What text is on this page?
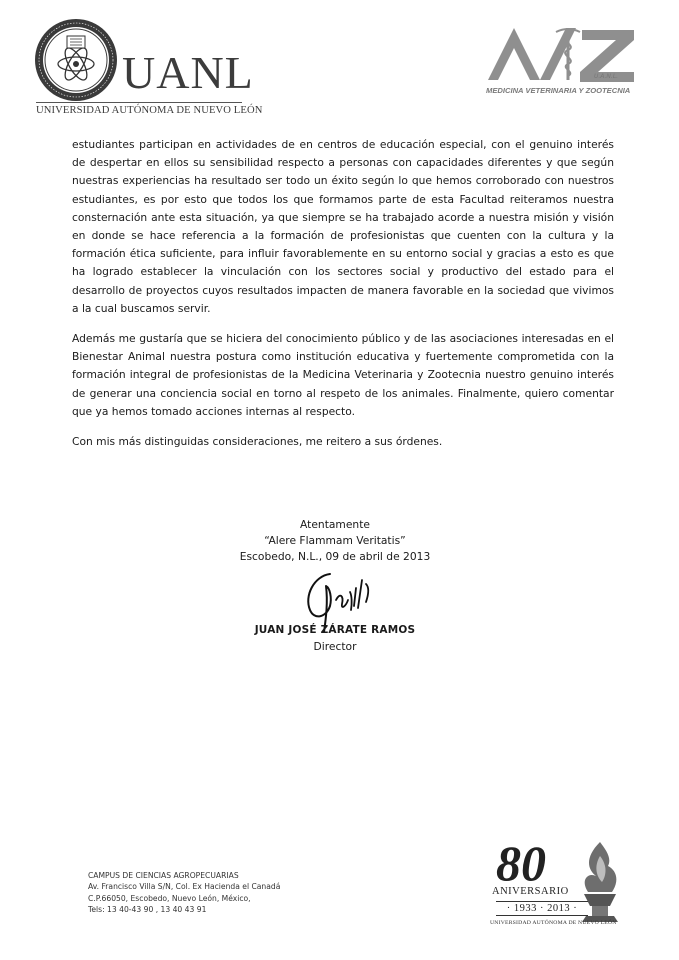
UANL
UNIVERSIDAD AUTÓNOMA DE NUEVO LEÓN
U.A.N.L.
MEDICINA VETERINARIA Y ZOOTECNIA

estudiantes participan en actividades de en centros de educación especial, con el genuino interés de despertar en ellos su sensibilidad respecto a personas con capacidades diferentes y que según nuestras experiencias ha resultado ser todo un éxito según lo que hemos corroborado con nuestros estudiantes, es por esto que todos los que formamos parte de esta Facultad reiteramos nuestra consternación ante esta situación, ya que siempre se ha trabajado acorde a nuestra misión y visión en donde se hace referencia a la formación de profesionistas que cuenten con la cultura y la formación ética suficiente, para influir favorablemente en su entorno social y gracias a esto es que ha logrado establecer la vinculación con los sectores social y productivo del estado para el desarrollo de proyectos cuyos resultados impacten de manera favorable en la sociedad que vivimos a la cual buscamos servir.

Además me gustaría que se hiciera del conocimiento público y de las asociaciones interesadas en el Bienestar Animal nuestra postura como institución educativa y fuertemente comprometida con la formación integral de profesionistas de la Medicina Veterinaria y Zootecnia nuestro genuino interés de generar una conciencia social en torno al respeto de los animales. Finalmente, quiero comentar que ya hemos tomado acciones internas al respecto.

Con mis más distinguidas consideraciones, me reitero a sus órdenes.

Atentamente
“Alere Flammam Veritatis”
Escobedo, N.L., 09 de abril de 2013
JUAN JOSÉ ZÁRATE RAMOS
Director
CAMPUS DE CIENCIAS AGROPECUARIAS
Av. Francisco Villa S/N, Col. Ex Hacienda el Canadá
C.P.66050, Escobedo, Nuevo León, México,
Tels: 13 40-43 90 , 13 40 43 91
80
ANIVERSARIO
· 1933 · 2013 ·
UNIVERSIDAD AUTÓNOMA DE NUEVO LEÓN
